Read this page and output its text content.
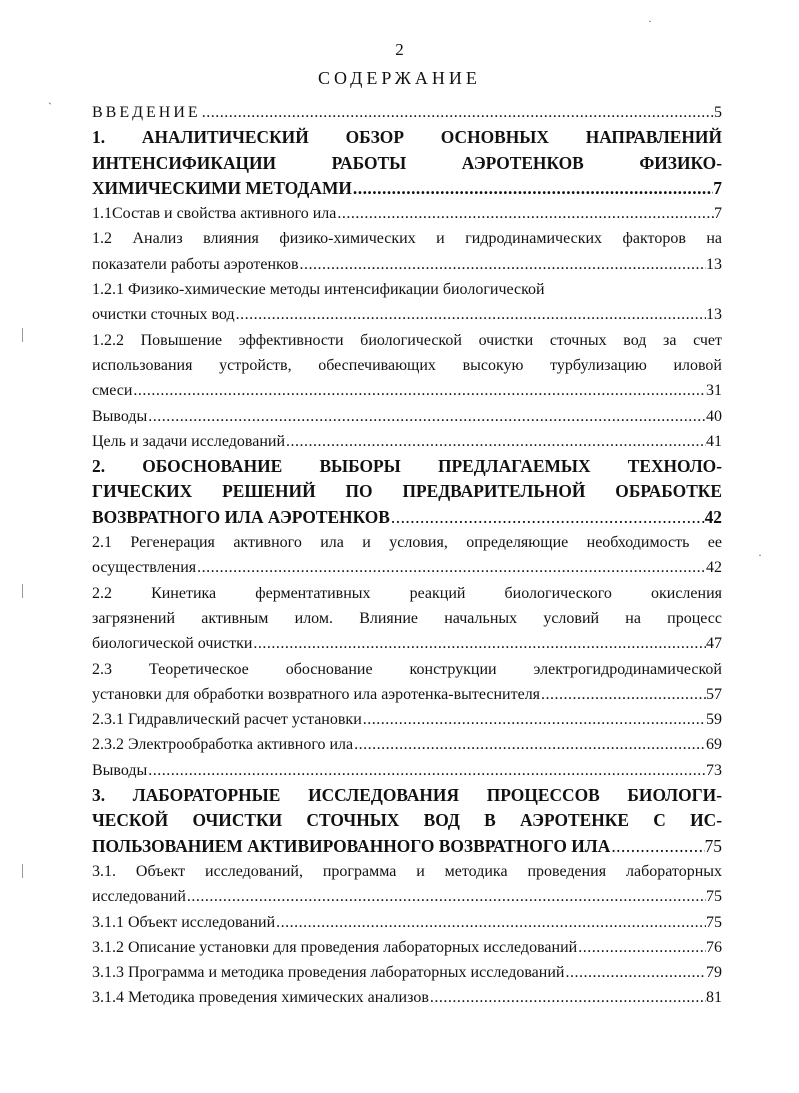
2
СОДЕРЖАНИЕ
·
ˋ
·
ВВЕДЕНИЕ .....	5
1. АНАЛИТИЧЕСКИЙ ОБЗОР ОСНОВНЫХ НАПРАВЛЕНИЙ
ИНТЕНСИФИКАЦИИ РАБОТЫ АЭРОТЕНКОВ ФИЗИКО-
ХИМИЧЕСКИМИ МЕТОДАМИ .....	7
1.1Состав и свойства активного ила .....	7
1.2 Анализ влияния физико-химических и гидродинамических факторов на
показатели работы аэротенков .....	13
1.2.1 Физико-химические методы интенсификации биологической
очистки сточных вод .....	13
1.2.2 Повышение эффективности биологической очистки сточных вод за счет
использования устройств, обеспечивающих высокую турбулизацию иловой
смеси .....	31
Выводы .....	40
Цель и задачи исследований .....	41
2. ОБОСНОВАНИЕ ВЫБОРЫ ПРЕДЛАГАЕМЫХ ТЕХНОЛО-
ГИЧЕСКИХ РЕШЕНИЙ ПО ПРЕДВАРИТЕЛЬНОЙ ОБРАБОТКЕ
ВОЗВРАТНОГО ИЛА АЭРОТЕНКОВ .....	42
2.1 Регенерация активного ила и условия, определяющие необходимость ее
осуществления .....	42
2.2 Кинетика ферментативных реакций биологического окисления
загрязнений активным илом. Влияние начальных условий на процесс
биологической очистки .....	47
2.3 Теоретическое обоснование конструкции электрогидродинамической
установки для обработки возвратного ила аэротенка-вытеснителя .....	57
2.3.1 Гидравлический расчет установки .....	59
2.3.2 Электрообработка активного ила .....	69
Выводы .....	73
3. ЛАБОРАТОРНЫЕ ИССЛЕДОВАНИЯ ПРОЦЕССОВ БИОЛОГИ-
ЧЕСКОЙ ОЧИСТКИ СТОЧНЫХ ВОД В АЭРОТЕНКЕ С ИС-
ПОЛЬЗОВАНИЕМ АКТИВИРОВАННОГО ВОЗВРАТНОГО ИЛА .....	75
3.1. Объект исследований, программа и методика проведения лабораторных
исследований .....	75
3.1.1 Объект исследований .....	75
3.1.2 Описание установки для проведения лабораторных исследований .....	76
3.1.3 Программа и методика проведения лабораторных исследований .....	79
3.1.4 Методика проведения химических анализов .....	81
